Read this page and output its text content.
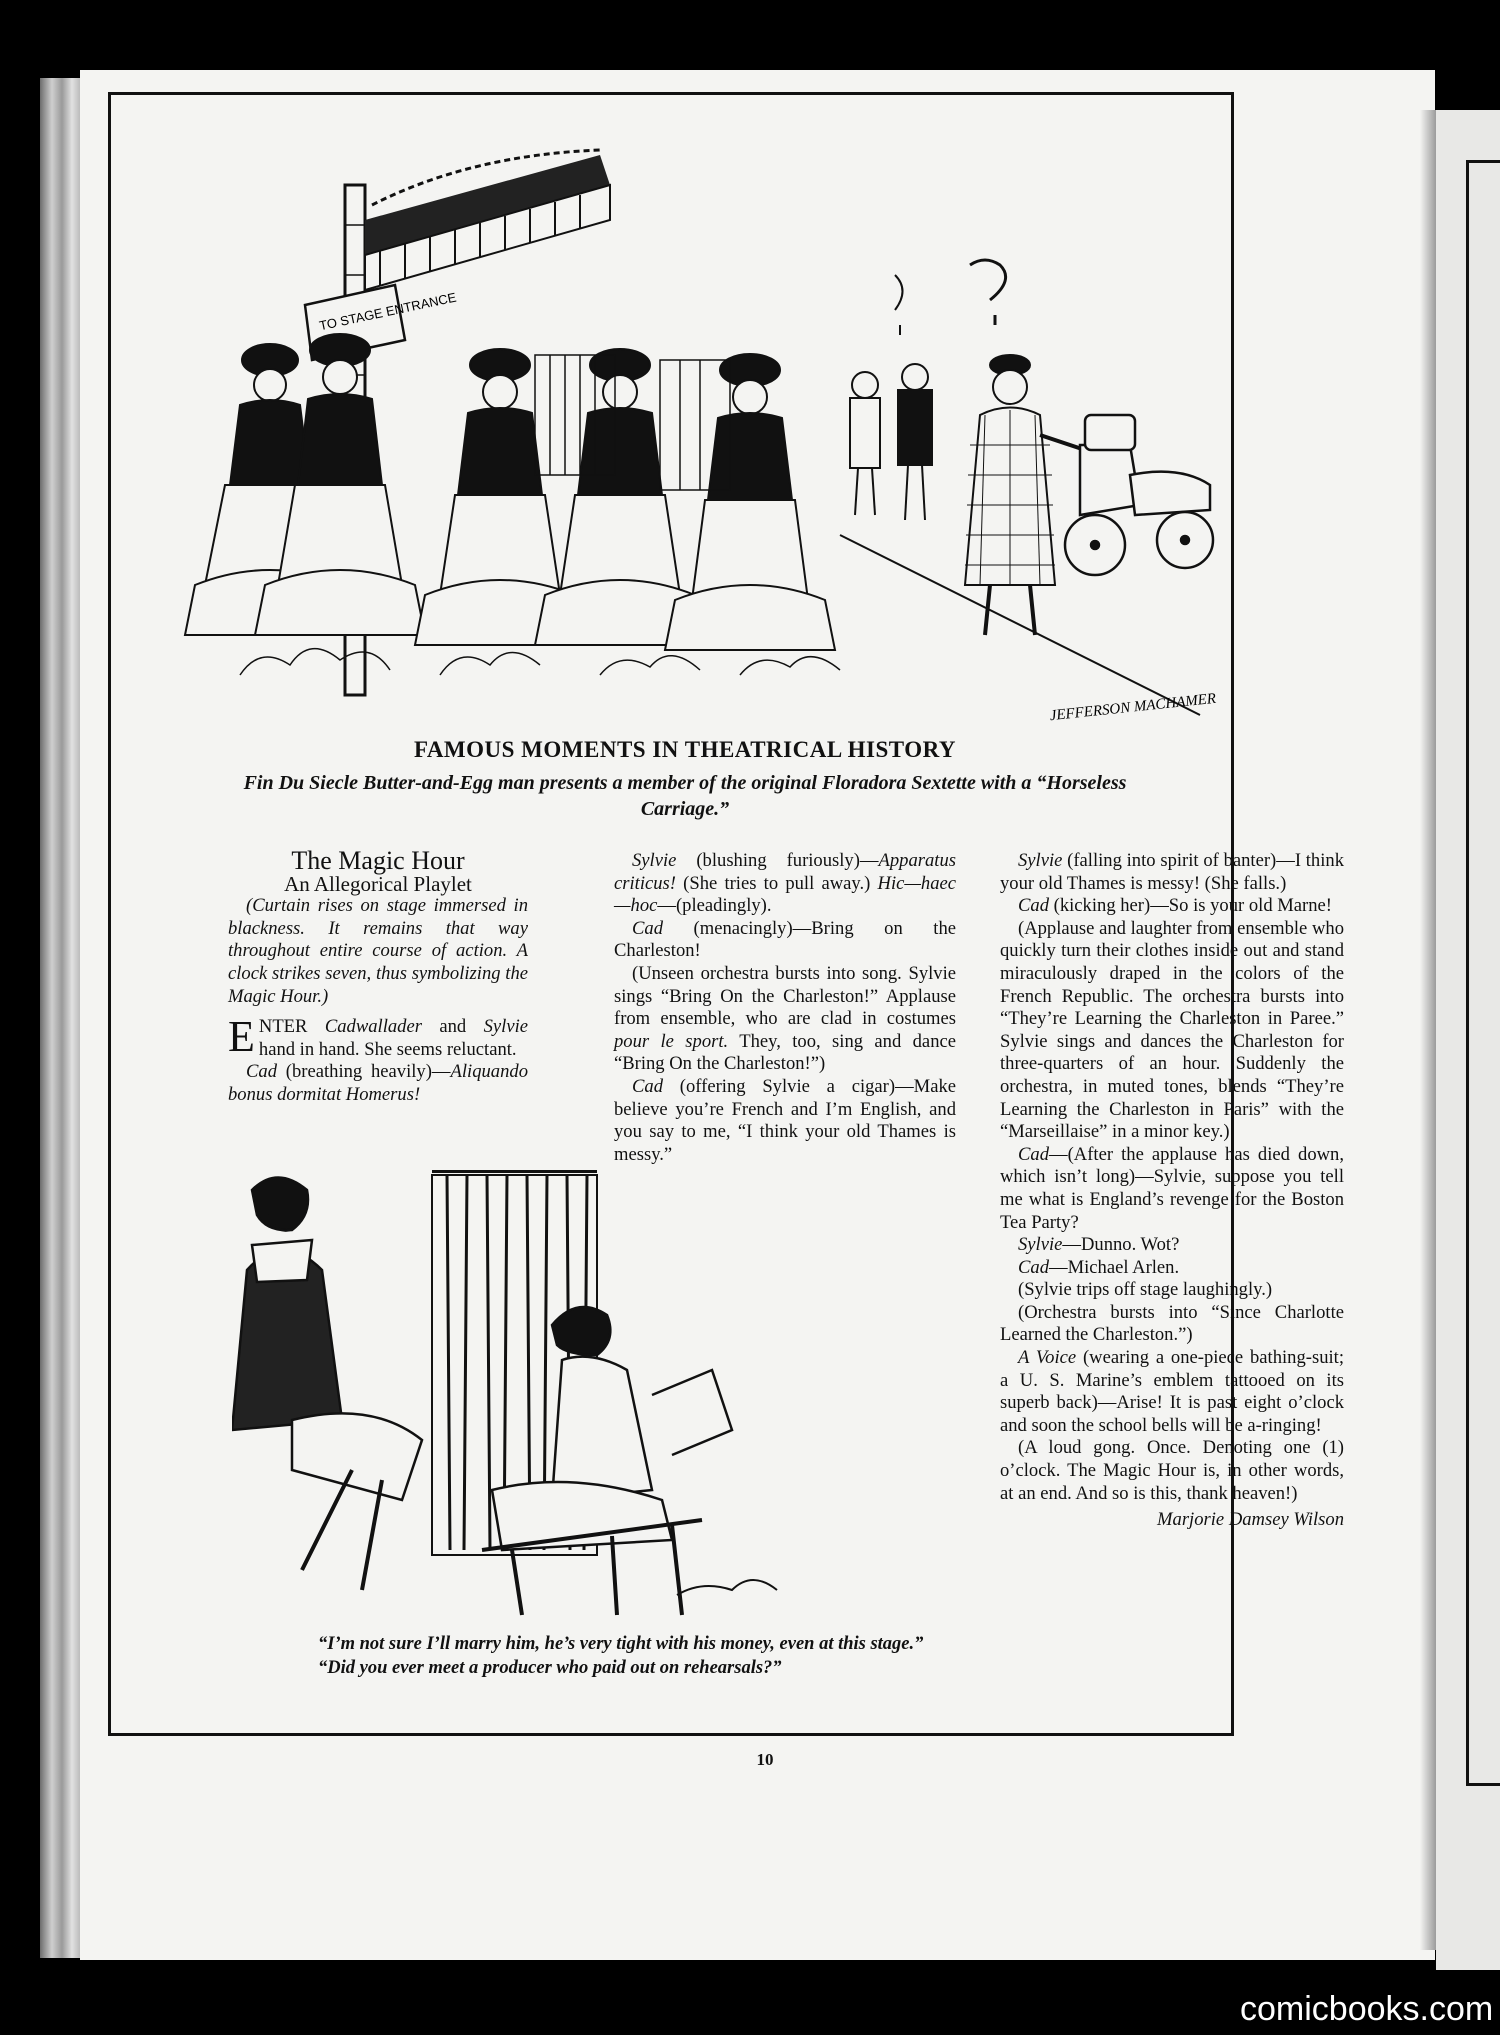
TO STAGE ENTRANCE
JEFFERSON MACHAMER
FAMOUS MOMENTS IN THEATRICAL HISTORY
Fin Du Siecle Butter-and-Egg man presents a member of the original Floradora Sextette with a “Horseless Carriage.”

The Magic Hour

An Allegorical Playlet

(Curtain rises on stage immersed in blackness. It remains that way throughout entire course of action. A clock strikes seven, thus symbolizing the Magic Hour.)

ENTER Cadwallader and Sylvie hand in hand. She seems reluctant.

Cad (breathing heavily)—Aliquando bonus dormitat Homerus!

Sylvie (blushing furiously)—Apparatus criticus! (She tries to pull away.) Hic—haec—hoc—(pleadingly).

Cad (menacingly)—Bring on the Charleston!

(Unseen orchestra bursts into song. Sylvie sings “Bring On the Charleston!” Applause from ensemble, who are clad in costumes pour le sport. They, too, sing and dance “Bring On the Charleston!”)

Cad (offering Sylvie a cigar)—Make believe you’re French and I’m English, and you say to me, “I think your old Thames is messy.”

Sylvie (falling into spirit of banter)—I think your old Thames is messy! (She falls.)

Cad (kicking her)—So is your old Marne!

(Applause and laughter from ensemble who quickly turn their clothes inside out and stand miraculously draped in the colors of the French Republic. The orchestra bursts into “They’re Learning the Charleston in Paree.” Sylvie sings and dances the Charleston for three-quarters of an hour. Suddenly the orchestra, in muted tones, blends “They’re Learning the Charleston in Paris” with the “Marseillaise” in a minor key.)

Cad—(After the applause has died down, which isn’t long)—Sylvie, suppose you tell me what is England’s revenge for the Boston Tea Party?

Sylvie—Dunno. Wot?

Cad—Michael Arlen.

(Sylvie trips off stage laughingly.)

(Orchestra bursts into “Since Charlotte Learned the Charleston.”)

A Voice (wearing a one-piece bathing-suit; a U. S. Marine’s emblem tattooed on its superb back)—Arise! It is past eight o’clock and soon the school bells will be a-ringing!

(A loud gong. Once. Denoting one (1) o’clock. The Magic Hour is, in other words, at an end. And so is this, thank heaven!)

Marjorie Damsey Wilson

“I’m not sure I’ll marry him, he’s very tight with his money, even at this stage.”

“Did you ever meet a producer who paid out on rehearsals?”

10
comicbooks.com
